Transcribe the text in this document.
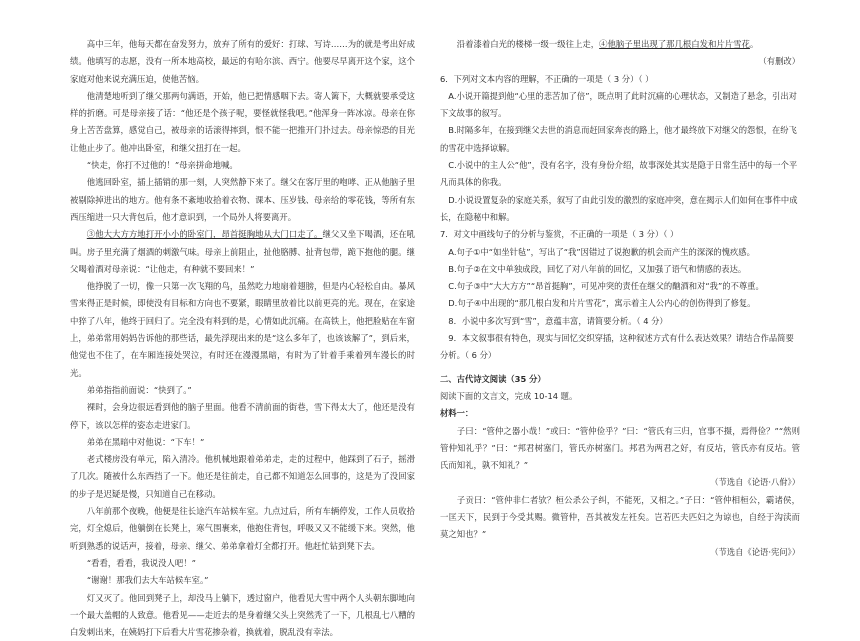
高中三年，他每天都在奋发努力，放弃了所有的爱好：打球、写诗……为的就是考出好成绩。他填写的志愿，没有一所本地高校，最远的有哈尔滨、西宁。他要尽早离开这个家，这个家庭对他来说充满压迫，使他苦恼。

他清楚地听到了继父那两句满语，开始，他已把情感咽下去。寄人篱下，大概就要承受这样的折磨。可是母亲接了话：“他还是个孩子呢，要怪就怪我吧。”他浑身一阵冰凉。母亲在你身上苦苦盘算，感觉自己，被母亲的话滚得摔到，恨不能一把推开门扑过去。母亲惊恐的目光让他止步了。他冲出卧室，和继父扭打在一起。

“快走，你打不过他的！”母亲拼命地喊。

他逃回卧室，插上插销的那一刻，人突然静下来了。继父在客厅里的咆哮、正从他脑子里被剔除掉进出的地方。他有条不紊地收拾着衣物、课本、压岁钱、母亲给的零花钱，等所有东西压缩进一只大背包后，他才意识到，一个局外人将要离开。

③他大大方方地打开小小的卧室门，昂首挺胸地从大门口走了。继父又坐下喝酒，还在吼叫。房子里充满了烟酒的刺激气味。母亲上前阻止，扯他胳膊、扯背包带，跪下抱他的腿。继父喝着酒对母亲说：“让他走，有种就不要回来！”

他挣脱了一切，像一只第一次飞翔的鸟，虽然吃力地扇着翅膀，但是内心轻松自由。暴风雪来得正是时候，即使没有目标和方向也不要紧，眼睛里放着比以前更亮的光。现在，在家途中猝了八年，他终于回归了。完全没有料到的是，心情如此沉痛。在高铁上，他把脸贴在车窗上，弟弟常用妈妈告诉他的那些话，最先浮现出来的是“这么多年了，也该该解了”，到后来，他觉也不住了，在车厢连接处哭泣，有时还在漫漫黑暗，有时为了针着手乘着列车漫长的时光。

弟弟指指前面说：“快到了。”

裸时，会身边很远看到他的脑子里面。他看不清前面的街巷，雪下得太大了，他还是没有停下，该以怎样的姿态走进家门。

弟弟在黑暗中对他说：“下车！”

老式楼房没有单元，陷入清冷。他机械地跟着弟弟走，走的过程中，他踩到了石子，摇滑了几次。随被什么东西挡了一下。他还是往前走，自己都不知道怎么回事的，这是为了没回家的步子是迟疑是慢，只知道自己在移动。

八年前那个夜晚，他便是往长途汽车站候车室。九点过后，所有车辆停发，工作人员收拾完，灯全熄后，他躺倒在长凳上，寒气围裹来，他抱住背包，呼吸又又不能缓下来。突然，他听到熟悉的说话声，接着，母亲、继父、弟弟拿着灯全都打开。他赶忙钻到凳下去。

“看看，看看，我说没人吧！”

“谢谢！那我们去大车站候车室。”

灯又灭了。他回到凳子上，却没马上躺下，透过窗户，他看见大雪中两个人头朝东脚地向一个最大盖帽的人致意。他看见——走近去的是身着继父头上突然秃了一下，几根乱七八糟的白发刺出来，在姨妈打下后看大片雪花掺杂着，换就着，脱乱没有幸法。

沿着漆着白光的楼梯一级一级往上走，④他脑子里出现了那几根白发和片片雪花。

（有删改）

6．下列对文本内容的理解，不正确的一项是（ 3 分）（ ）

A.小说开篇提到他“心里的悲苦加了倍”，既点明了此时沉痛的心理状态，又制造了悬念，引出对下文故事的叙写。

B.时隔多年，在接到继父去世的消息而赶回家奔丧的路上，他才最终放下对继父的怨恨，在纷飞的雪花中选择谅解。

C.小说中的主人公“他”，没有名字，没有身份介绍，故事深处其实是隐于日常生活中的每一个平凡而具体的你我。

D.小说设置复杂的家庭关系，叙写了由此引发的激烈的家庭冲突，意在揭示人们如何在事件中成长，在隐秘中和解。

7．对文中画线句子的分析与鉴赏，不正确的一项是（ 3 分）（ ）

A.句子①中“如坐针毡”，写出了“我”因错过了说抱歉的机会而产生的深深的愧疚感。

B.句子②在文中单独成段，回忆了对八年前的回忆，又加强了语气和情感的表达。

C.句子③中“大大方方”“昂首挺胸”，可见冲突的责任在继父的酗酒和对“我”的不尊重。

D.句子④中出现的“那几根白发和片片雪花”，寓示着主人公内心的创伤得到了修复。

8．小说中多次写到“雪”，意蕴丰富，请简要分析。（ 4 分）

9．本文叙事很有特色，现实与回忆交织穿插，这种叙述方式有什么表达效果？请结合作品简要分析。（ 6 分）

二、古代诗文阅读（35 分）

阅读下面的文言文，完成 10-14 题。

材料一：

子曰：“管仲之器小哉！”或曰：“管仲俭乎？”曰：“管氏有三归，官事不摄，焉得俭？”“然则管仲知礼乎？”曰：“邦君树塞门，管氏亦树塞门。邦君为两君之好，有反坫，管氏亦有反坫。管氏而知礼，孰不知礼？”

（节选自《论语·八佾》）

子贡曰：“管仲非仁者欤？桓公杀公子纠，不能死，又相之。”子曰：“管仲相桓公，霸诸侯，一匡天下，民到于今受其赐。微管仲，吾其被发左衽矣。岂若匹夫匹妇之为谅也，自经于沟渎而莫之知也？”

（节选自《论语·宪问》）
